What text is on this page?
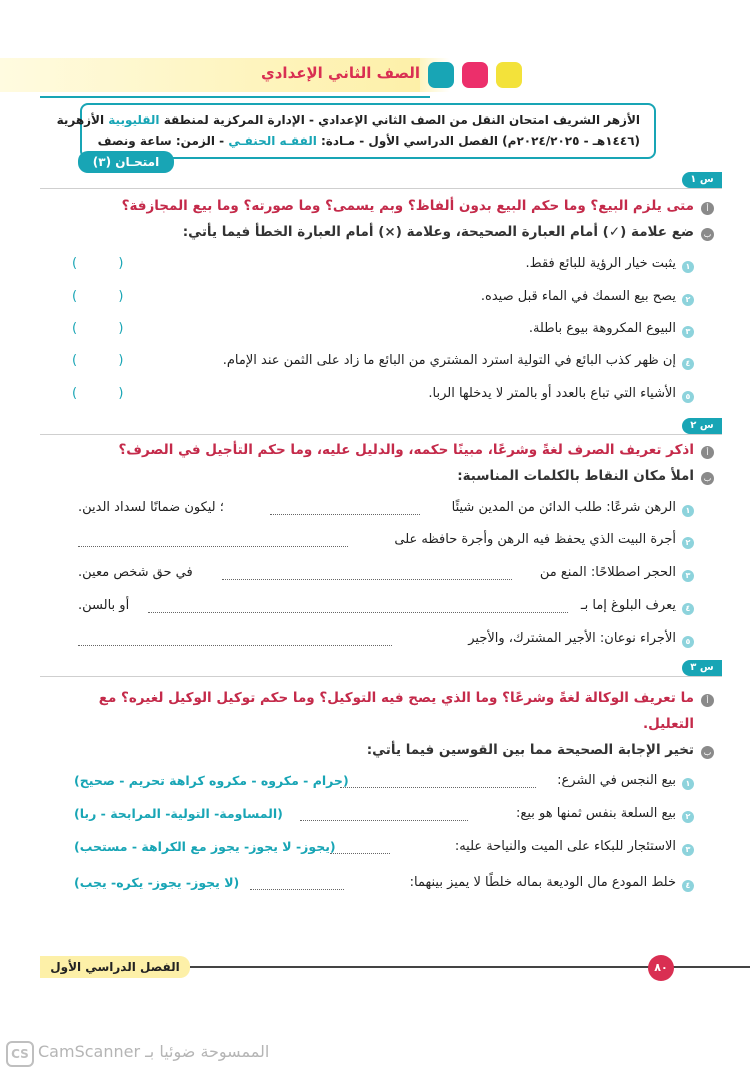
الصف الثاني الإعدادي
الأزهر الشريف امتحان النقل من الصف الثاني الإعدادي - الإدارة المركزية لمنطقة القليوبية الأزهرية
(١٤٤٦هـ - ٢٠٢٤/٢٠٢٥م) الفصل الدراسي الأول - مـادة: الفقـه الحنفـي - الزمن: ساعة ونصف
امتحـان (٣)
س ١
أ
متى يلزم البيع؟ وما حكم البيع بدون ألفاظ؟ وبم يسمى؟ وما صورته؟ وما بيع المجازفة؟
ب
ضع علامة (✓) أمام العبارة الصحيحة، وعلامة (×) أمام العبارة الخطأ فيما يأتي:
١
يثبت خيار الرؤية للبائع فقط.
(          )
٢
يصح بيع السمك في الماء قبل صيده.
(          )
٣
البيوع المكروهة بيوع باطلة.
(          )
٤
إن ظهر كذب البائع في التولية استرد المشتري من البائع ما زاد على الثمن عند الإمام.
(          )
٥
الأشياء التي تباع بالعدد أو بالمتر لا يدخلها الربا.
(          )
س ٢
أ
اذكر تعريف الصرف لغةً وشرعًا، مبينًا حكمه، والدليل عليه، وما حكم التأجيل في الصرف؟
ب
املأ مكان النقاط بالكلمات المناسبة:
١
الرهن شرعًا: طلب الدائن من المدين شيئًا
؛ ليكون ضمانًا لسداد الدين.
٢
أجرة البيت الذي يحفظ فيه الرهن وأجرة حافظه على
٣
الحجر اصطلاحًا: المنع من
في حق شخص معين.
٤
يعرف البلوغ إما بـ
أو بالسن.
٥
الأجراء نوعان: الأجير المشترك، والأجير
س ٣
أ
ما تعريف الوكالة لغةً وشرعًا؟ وما الذي يصح فيه التوكيل؟ وما حكم توكيل الوكيل لغيره؟ مع
التعليل.
ب
تخير الإجابة الصحيحة مما بين القوسين فيما يأتي:
١
بيع النجس في الشرع:
(حرام - مكروه - مكروه كراهة تحريم - صحيح)
٢
بيع السلعة بنفس ثمنها هو بيع:
(المساومة- التولية- المرابحة - ربا)
٣
الاستئجار للبكاء على الميت والنياحة عليه:
(يجوز- لا يجوز- يجوز مع الكراهة - مستحب)
٤
خلط المودع مال الوديعة بماله خلطًا لا يميز بينهما:
(لا يجوز- يجوز- يكره- يجب)
الفصل الدراسي الأول	٨٠
CS الممسوحة ضوئيا بـ CamScanner
